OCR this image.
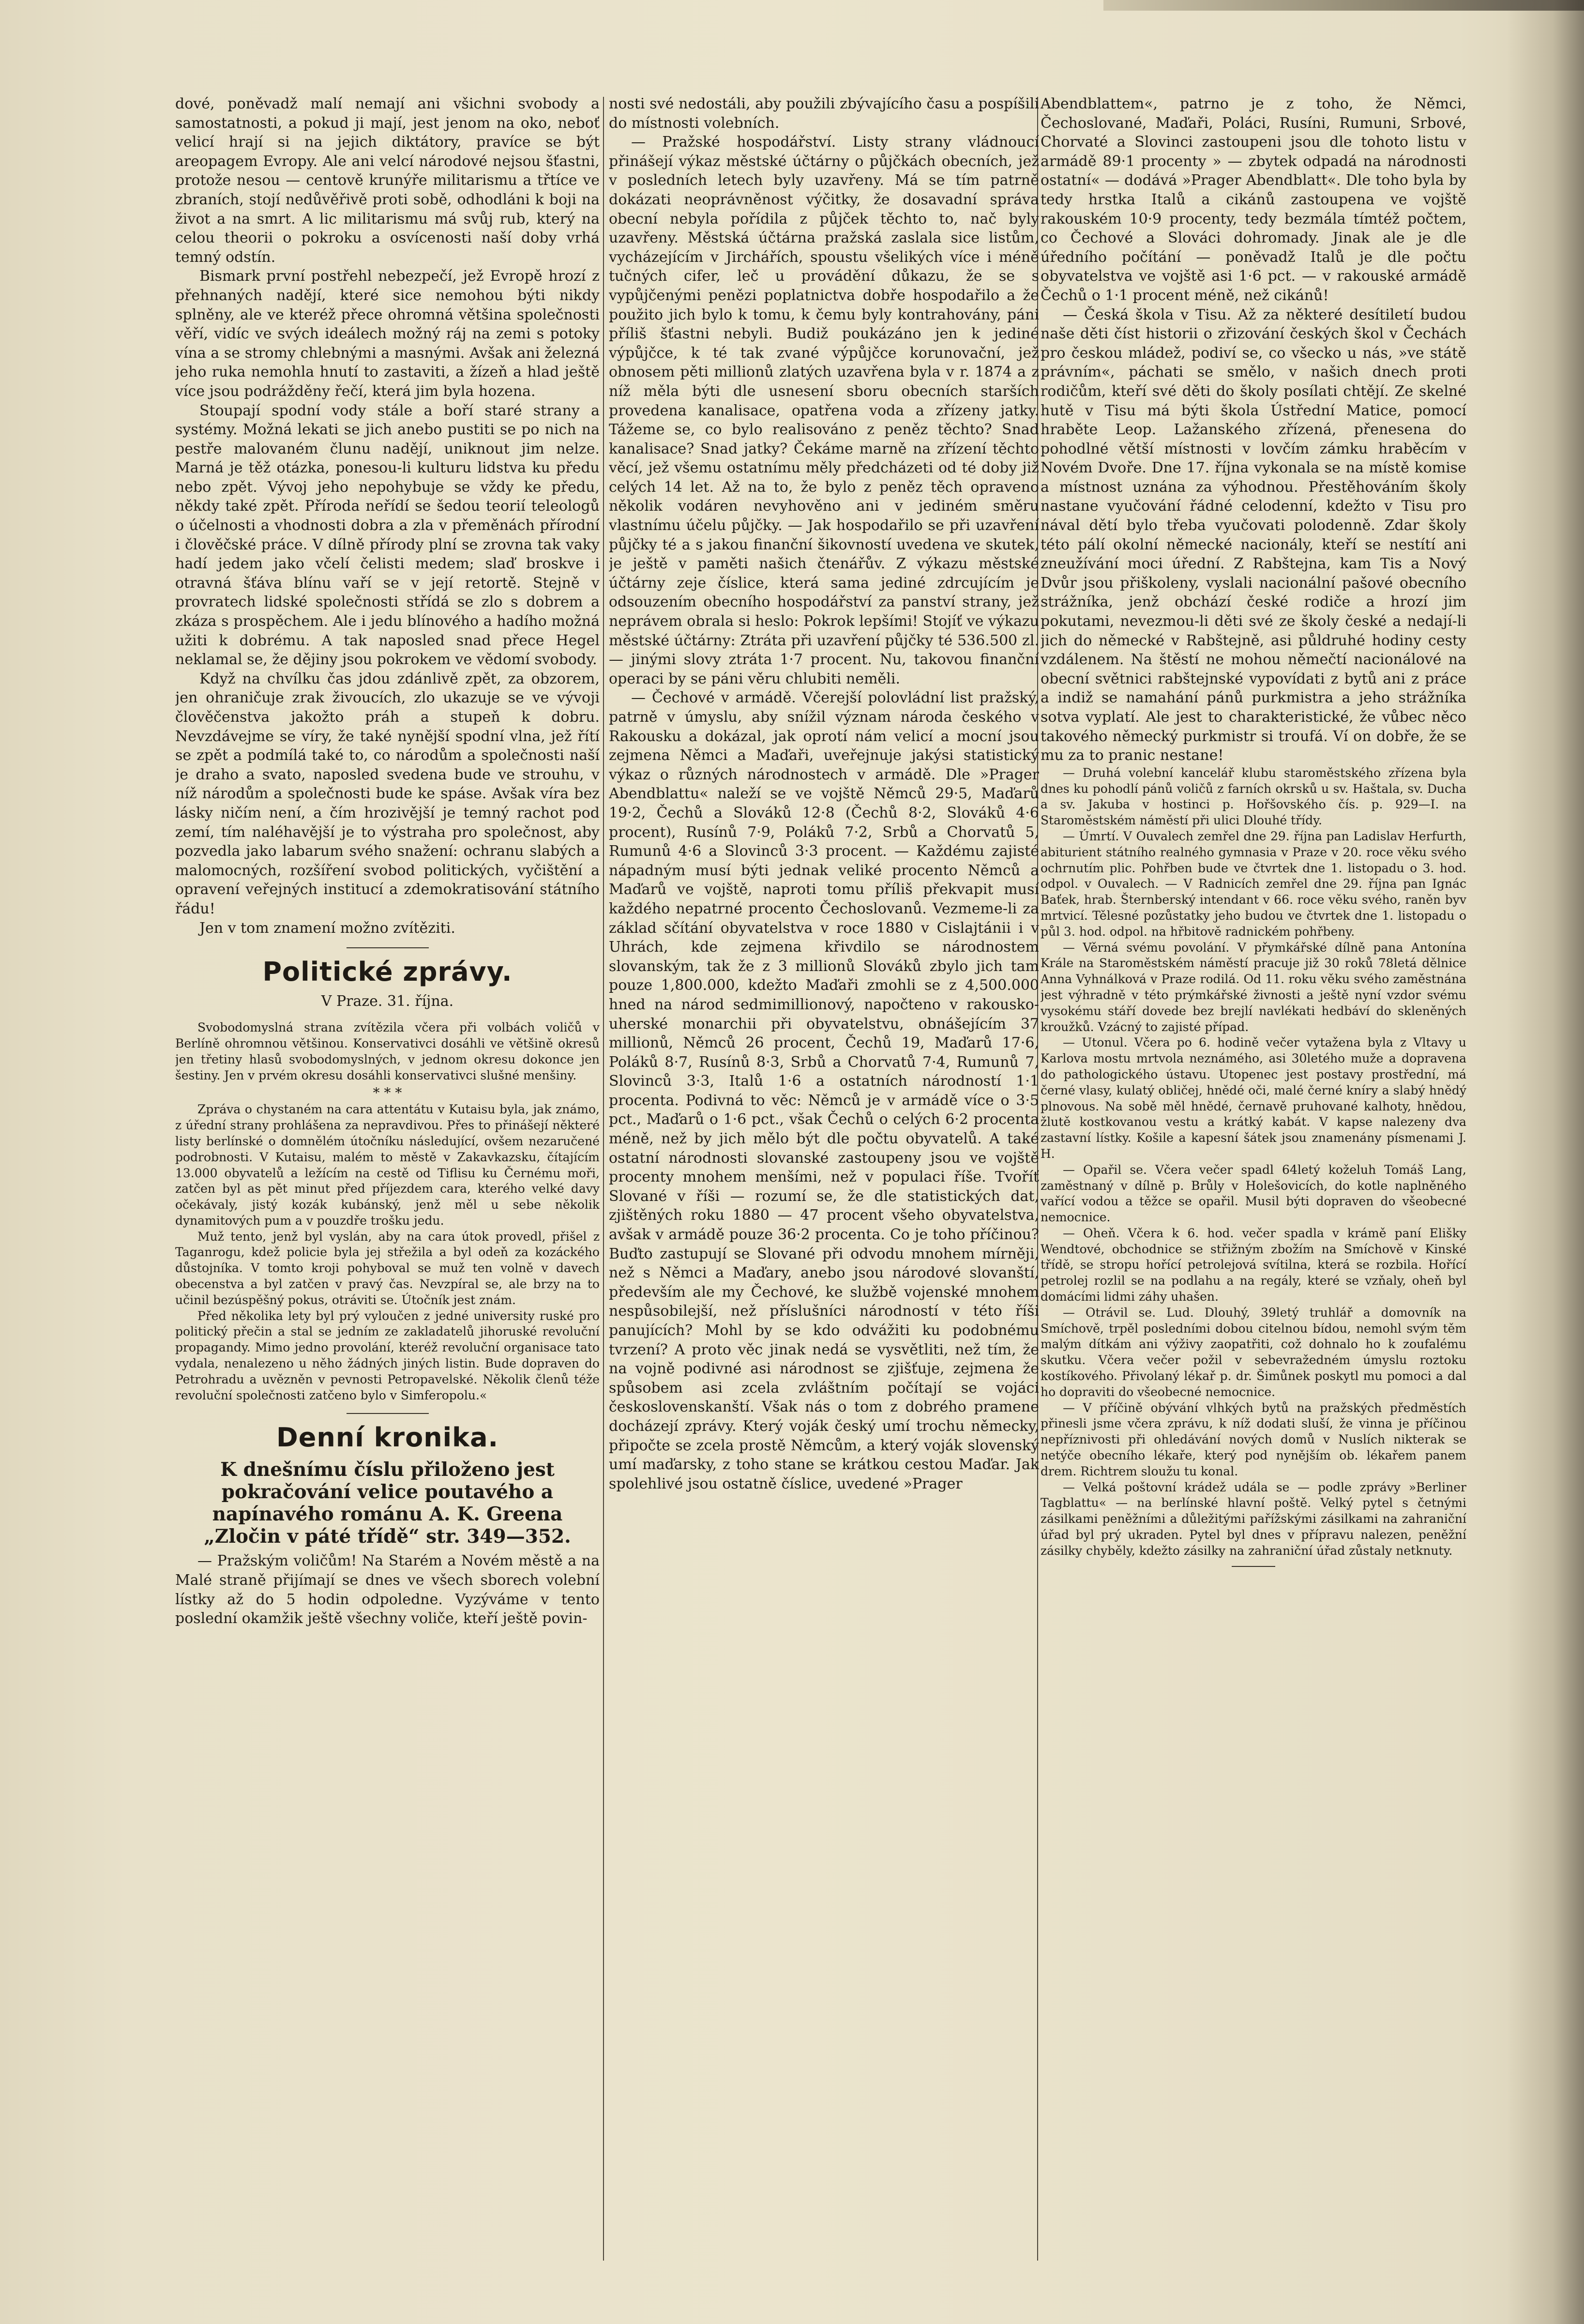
dové, poněvadž malí nemají ani všichni svobody a samostatnosti, a pokud ji mají, jest jenom na oko, neboť velicí hrají si na jejich diktátory, pravíce se být areopagem Evropy. Ale ani velcí národové nejsou šťastni, protože nesou — centově krunýře militarismu a třtíce ve zbraních, stojí nedůvěřivě proti sobě, odhodláni k boji na život a na smrt. A lic militarismu má svůj rub, který na celou theorii o pokroku a osvícenosti naší doby vrhá temný odstín.

Bismark první postřehl nebezpečí, jež Evropě hrozí z přehnaných nadějí, které sice nemohou býti nikdy splněny, ale ve kteréž přece ohromná většina společnosti věří, vidíc ve svých ideálech možný ráj na zemi s potoky vína a se stromy chlebnými a masnými. Avšak ani železná jeho ruka nemohla hnutí to zastaviti, a žízeň a hlad ještě více jsou podrážděny řečí, která jim byla hozena.

Stoupají spodní vody stále a boří staré strany a systémy. Možná lekati se jich anebo pustiti se po nich na pestře malovaném člunu nadějí, uniknout jim nelze. Marná je těž otázka, ponesou-li kulturu lidstva ku předu nebo zpět. Vývoj jeho nepohybuje se vždy ke předu, někdy také zpět. Příroda neřídí se šedou teorií teleologů o účelnosti a vhodnosti dobra a zla v přeměnách přírodní i člověčské práce. V dílně přírody plní se zrovna tak vaky hadí jedem jako včelí čelisti medem; slaď broskve i otravná šťáva blínu vaří se v její retortě. Stejně v provratech lidské společnosti střídá se zlo s dobrem a zkáza s prospěchem. Ale i jedu blínového a hadího možná užiti k dobrému. A tak naposled snad přece Hegel neklamal se, že dějiny jsou pokrokem ve vědomí svobody.

Když na chvílku čas jdou zdánlivě zpět, za obzorem, jen ohraničuje zrak živoucích, zlo ukazuje se ve vývoji člověčenstva jakožto práh a stupeň k dobru. Nevzdávejme se víry, že také nynější spodní vlna, jež řítí se zpět a podmílá také to, co národům a společnosti naší je draho a svato, naposled svedena bude ve strouhu, v níž národům a společnosti bude ke spáse. Avšak víra bez lásky ničím není, a čím hrozivější je temný rachot pod zemí, tím naléhavější je to výstraha pro společnost, aby pozvedla jako labarum svého snažení: ochranu slabých a malomocných, rozšíření svobod politických, vyčištění a opravení veřejných institucí a zdemokratisování státního řádu!

Jen v tom znamení možno zvítěziti.

Politické zprávy.
V Praze. 31. října.

Svobodomyslná strana zvítězila včera při volbách voličů v Berlíně ohromnou většinou. Konservativci dosáhli ve většině okresů jen třetiny hlasů svobodomyslných, v jednom okresu dokonce jen šestiny. Jen v prvém okresu dosáhli konservativci slušné menšiny.

* * *

Zpráva o chystaném na cara attentátu v Kutaisu byla, jak známo, z úřední strany prohlášena za nepravdivou. Přes to přinášejí některé listy berlínské o domnělém útočníku následující, ovšem nezaručené podrobnosti. V Kutaisu, malém to městě v Zakavkazsku, čítajícím 13.000 obyvatelů a ležícím na cestě od Tiflisu ku Černému moři, zatčen byl as pět minut před příjezdem cara, kterého velké davy očekávaly, jistý kozák kubánský, jenž měl u sebe několik dynamitových pum a v pouzdře trošku jedu.

Muž tento, jenž byl vyslán, aby na cara útok provedl, přišel z Taganrogu, kdež policie byla jej střežila a byl odeň za kozáckého důstojníka. V tomto kroji pohyboval se muž ten volně v davech obecenstva a byl zatčen v pravý čas. Nevzpíral se, ale brzy na to učinil bezúspěšný pokus, otráviti se. Útočník jest znám.

Před několika lety byl prý vyloučen z jedné university ruské pro politický přečin a stal se jedním ze zakladatelů jihoruské revoluční propagandy. Mimo jedno provolání, kteréž revoluční organisace tato vydala, nenalezeno u něho žádných jiných listin. Bude dopraven do Petrohradu a uvězněn v pevnosti Petropavelské. Několik členů téže revoluční společnosti zatčeno bylo v Simferopolu.«

Denní kronika.

K dnešnímu číslu přiloženo jest pokračování velice poutavého a napínavého románu A. K. Greena „Zločin v páté třídě“ str. 349—352.

— Pražským voličům! Na Starém a Novém městě a na Malé straně přijímají se dnes ve všech sborech volební lístky až do 5 hodin odpoledne. Vyzýváme v tento poslední okamžik ještě všechny voliče, kteří ještě povin-

nosti své nedostáli, aby použili zbývajícího času a pospíšili do místnosti volebních.

— Pražské hospodářství. Listy strany vládnoucí přinášejí výkaz městské účtárny o půjčkách obecních, jež v posledních letech byly uzavřeny. Má se tím patrně dokázati neoprávněnost výčitky, že dosavadní správa obecní nebyla pořídila z půjček těchto to, nač byly uzavřeny. Městská účtárna pražská zaslala sice listům, vycházejícím v Jirchářích, spoustu všelikých více i méně tučných cifer, leč u provádění důkazu, že se s vypůjčenými penězi poplatnictva dobře hospodařilo a že použito jich bylo k tomu, k čemu byly kontrahovány, páni příliš šťastni nebyli. Budiž poukázáno jen k jediné výpůjčce, k té tak zvané výpůjčce korunovační, jež obnosem pěti millionů zlatých uzavřena byla v r. 1874 a z níž měla býti dle usnesení sboru obecních starších provedena kanalisace, opatřena voda a zřízeny jatky. Tážeme se, co bylo realisováno z peněz těchto? Snad kanalisace? Snad jatky? Čekáme marně na zřízení těchto věcí, jež všemu ostatnímu měly předcházeti od té doby již celých 14 let. Až na to, že bylo z peněz těch opraveno několik vodáren nevyhověno ani v jediném směru vlastnímu účelu půjčky. — Jak hospodařilo se při uzavření půjčky té a s jakou finanční šikovností uvedena ve skutek, je ještě v paměti našich čtenářův. Z výkazu městské účtárny zeje číslice, která sama jediné zdrcujícím je odsouzením obecního hospodářství za panství strany, jež neprávem obrala si heslo: Pokrok lepšími! Stojíť ve výkazu městské účtárny: Ztráta při uzavření půjčky té 536.500 zl. — jinými slovy ztráta 1·7 procent. Nu, takovou finanční operaci by se páni věru chlubiti neměli.

— Čechové v armádě. Včerejší polovládní list pražský, patrně v úmyslu, aby snížil význam národa českého v Rakousku a dokázal, jak oprotí nám velicí a mocní jsou zejmena Němci a Maďaři, uveřejnuje jakýsi statistický výkaz o různých národnostech v armádě. Dle »Prager Abendblattu« naleží se ve vojště Němců 29·5, Maďarů 19·2, Čechů a Slováků 12·8 (Čechů 8·2, Slováků 4·6 procent), Rusínů 7·9, Poláků 7·2, Srbů a Chorvatů 5, Rumunů 4·6 a Slovinců 3·3 procent. — Každému zajisté nápadným musí býti jednak veliké procento Němců a Maďarů ve vojště, naproti tomu příliš překvapit musí každého nepatrné procento Čechoslovanů. Vezmeme-li za základ sčítání obyvatelstva v roce 1880 v Cislajtánii i v Uhrách, kde zejmena křivdilo se národnostem slovanským, tak že z 3 millionů Slováků zbylo jich tam pouze 1,800.000, kdežto Maďaři zmohli se z 4,500.000 hned na národ sedmimillionový, napočteno v rakousko-uherské monarchii při obyvatelstvu, obnášejícím 37 millionů, Němců 26 procent, Čechů 19, Maďarů 17·6, Poláků 8·7, Rusínů 8·3, Srbů a Chorvatů 7·4, Rumunů 7, Slovinců 3·3, Italů 1·6 a ostatních národností 1·1 procenta. Podivná to věc: Němců je v armádě více o 3·5 pct., Maďarů o 1·6 pct., však Čechů o celých 6·2 procenta méně, než by jich mělo být dle počtu obyvatelů. A také ostatní národnosti slovanské zastoupeny jsou ve vojště procenty mnohem menšími, než v populaci říše. Tvoříť Slované v říši — rozumí se, že dle statistických dat, zjištěných roku 1880 — 47 procent všeho obyvatelstva, avšak v armádě pouze 36·2 procenta. Co je toho příčinou? Buďto zastupují se Slované při odvodu mnohem mírněji, než s Němci a Maďary, anebo jsou národové slovanští, především ale my Čechové, ke službě vojenské mnohem nespůsobilejší, než příslušníci národností v této říši panujících? Mohl by se kdo odvážiti ku podobnému tvrzení? A proto věc jinak nedá se vysvětliti, než tím, že na vojně podivné asi národnost se zjišťuje, zejmena že spůsobem asi zcela zvláštním počítají se vojáci československanští. Však nás o tom z dobrého pramene docházejí zprávy. Který voják český umí trochu německy, připočte se zcela prostě Němcům, a který voják slovenský umí maďarsky, z toho stane se krátkou cestou Maďar. Jak spolehlivé jsou ostatně číslice, uvedené »Prager

Abendblattem«, patrno je z toho, že Němci, Čechoslované, Maďaři, Poláci, Rusíni, Rumuni, Srbové, Chorvaté a Slovinci zastoupeni jsou dle tohoto listu v armádě 89·1 procenty » — zbytek odpadá na národnosti ostatní« — dodává »Prager Abendblatt«. Dle toho byla by tedy hrstka Italů a cikánů zastoupena ve vojště rakouském 10·9 procenty, tedy bezmála tímtéž počtem, co Čechové a Slováci dohromady. Jinak ale je dle úředního počítání — poněvadž Italů je dle počtu obyvatelstva ve vojště asi 1·6 pct. — v rakouské armádě Čechů o 1·1 procent méně, než cikánů!

— Česká škola v Tisu. Až za některé desítiletí budou naše děti číst historii o zřizování českých škol v Čechách pro českou mládež, podiví se, co všecko u nás, »ve státě právním«, páchati se smělo, v našich dnech proti rodičům, kteří své děti do školy posílati chtějí. Ze skelné hutě v Tisu má býti škola Ústřední Matice, pomocí hraběte Leop. Lažanského zřízená, přenesena do pohodlné větší místnosti v lovčím zámku hraběcím v Novém Dvoře. Dne 17. října vykonala se na místě komise a místnost uznána za výhodnou. Přestěhováním školy nastane vyučování řádné celodenní, kdežto v Tisu pro nával dětí bylo třeba vyučovati polodenně. Zdar školy této pálí okolní německé nacionály, kteří se nestítí ani zneužívání moci úřední. Z Rabštejna, kam Tis a Nový Dvůr jsou přiškoleny, vyslali nacionální pašové obecního strážníka, jenž obchází české rodiče a hrozí jim pokutami, nevezmou-li děti své ze školy české a nedají-li jich do německé v Rabštejně, asi půldruhé hodiny cesty vzdálenem. Na štěstí ne mohou němečtí nacionálové na obecní světnici rabštejnské vypovídati z bytů ani z práce a indiž se namahání pánů purkmistra a jeho strážníka sotva vyplatí. Ale jest to charakteristické, že vůbec něco takového německý purkmistr si troufá. Ví on dobře, že se mu za to pranic nestane!

— Druhá volební kancelář klubu staroměstského zřízena byla dnes ku pohodlí pánů voličů z farních okrsků u sv. Haštala, sv. Ducha a sv. Jakuba v hostinci p. Hořšovského čís. p. 929—I. na Staroměstském náměstí při ulici Dlouhé třídy.

— Úmrtí. V Ouvalech zemřel dne 29. října pan Ladislav Herfurth, abiturient státního realného gymnasia v Praze v 20. roce věku svého ochrnutím plic. Pohřben bude ve čtvrtek dne 1. listopadu o 3. hod. odpol. v Ouvalech. — V Radnicích zemřel dne 29. října pan Ignác Baťek, hrab. Šternberský intendant v 66. roce věku svého, raněn byv mrtvicí. Tělesné pozůstatky jeho budou ve čtvrtek dne 1. listopadu o půl 3. hod. odpol. na hřbitově radnickém pohřbeny.

— Věrná svému povolání. V přymkářské dílně pana Antonína Krále na Staroměstském náměstí pracuje již 30 roků 78letá dělnice Anna Vyhnálková v Praze rodilá. Od 11. roku věku svého zaměstnána jest výhradně v této prýmkářské živnosti a ještě nyní vzdor svému vysokému stáří dovede bez brejlí navlékati hedbáví do skleněných kroužků. Vzácný to zajisté případ.

— Utonul. Včera po 6. hodině večer vytažena byla z Vltavy u Karlova mostu mrtvola neznámého, asi 30letého muže a dopravena do pathologického ústavu. Utopenec jest postavy prostřední, má černé vlasy, kulatý obličej, hnědé oči, malé černé kníry a slabý hnědý plnovous. Na sobě měl hnědé, černavě pruhované kalhoty, hnědou, žlutě kostkovanou vestu a krátký kabát. V kapse nalezeny dva zastavní lístky. Košile a kapesní šátek jsou znamenány písmenami J. H.

— Opařil se. Včera večer spadl 64letý koželuh Tomáš Lang, zaměstnaný v dílně p. Brůly v Holešovicích, do kotle naplněného vařící vodou a těžce se opařil. Musil býti dopraven do všeobecné nemocnice.

— Oheň. Včera k 6. hod. večer spadla v krámě paní Elišky Wendtové, obchodnice se střižným zbožím na Smíchově v Kinské třídě, se stropu hořící petrolejová svítilna, která se rozbila. Hořící petrolej rozlil se na podlahu a na regály, které se vzňaly, oheň byl domácími lidmi záhy uhašen.

— Otrávil se. Lud. Dlouhý, 39letý truhlář a domovník na Smíchově, trpěl posledními dobou citelnou bídou, nemohl svým těm malým dítkám ani výživy zaopatřiti, což dohnalo ho k zoufalému skutku. Včera večer požil v sebevražedném úmyslu roztoku kostíkového. Přivolaný lékař p. dr. Šimůnek poskytl mu pomoci a dal ho dopraviti do všeobecné nemocnice.

— V příčině obývání vlhkých bytů na pražských předměstích přinesli jsme včera zprávu, k níž dodati sluší, že vinna je příčinou nepříznivosti při ohledávání nových domů v Nuslích nikterak se netýče obecního lékaře, který pod nynějším ob. lékařem panem drem. Richtrem sloužu tu konal.

— Velká poštovní krádež udála se — podle zprávy »Berliner Tagblattu« — na berlínské hlavní poště. Velký pytel s četnými zásilkami peněžními a důležitými pařížskými zásilkami na zahraniční úřad byl prý ukraden. Pytel byl dnes v přípravu nalezen, peněžní zásilky chyběly, kdežto zásilky na zahraniční úřad zůstaly netknuty.
